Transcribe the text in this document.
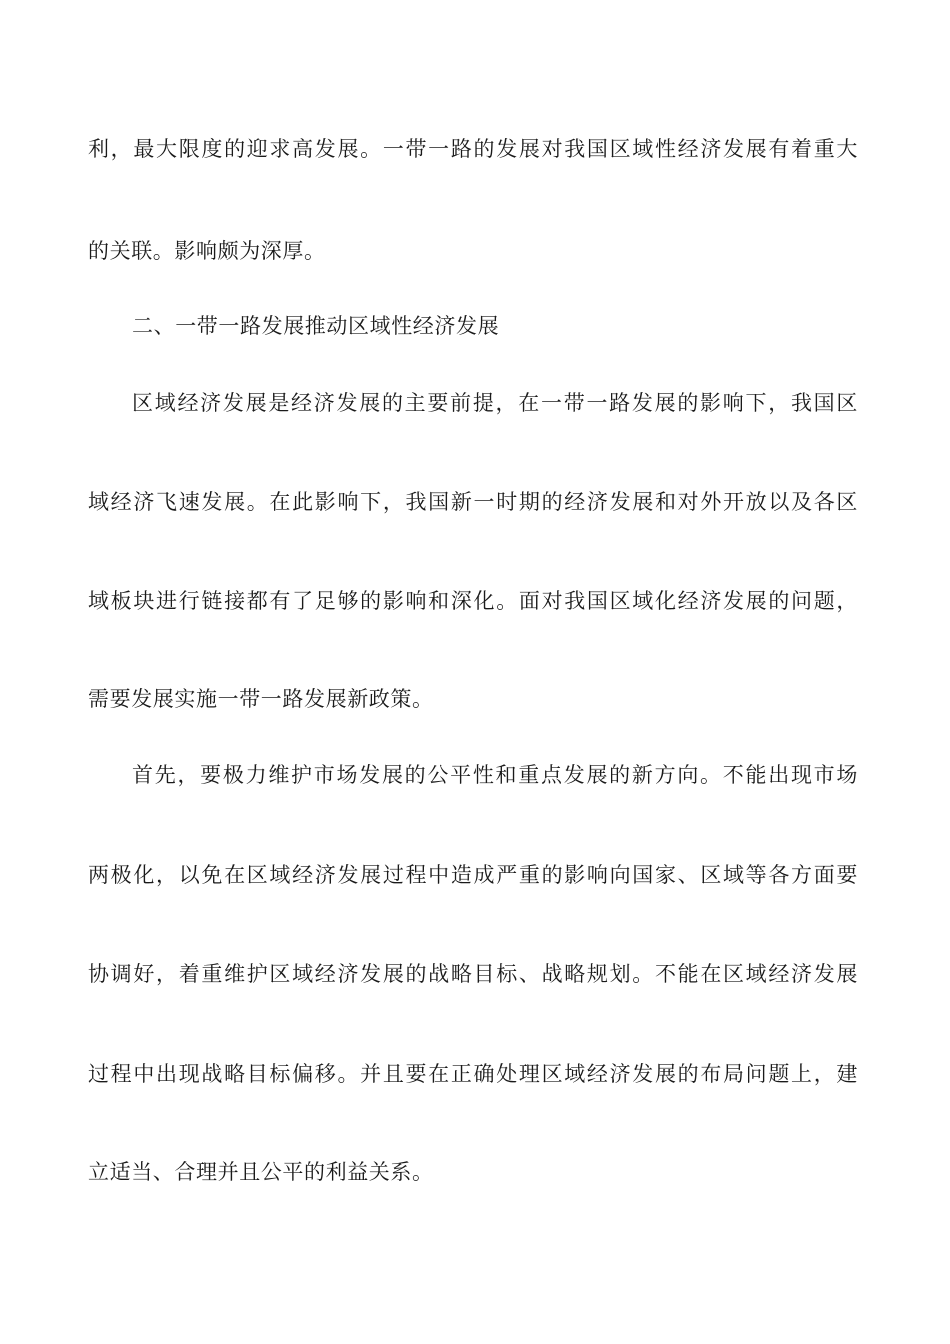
利，最大限度的迎求高发展。一带一路的发展对我国区域性经济发展有着重大
的关联。影响颇为深厚。
二、一带一路发展推动区域性经济发展
区域经济发展是经济发展的主要前提，在一带一路发展的影响下，我国区
域经济飞速发展。在此影响下，我国新一时期的经济发展和对外开放以及各区
域板块进行链接都有了足够的影响和深化。面对我国区域化经济发展的问题，
需要发展实施一带一路发展新政策。
首先，要极力维护市场发展的公平性和重点发展的新方向。不能出现市场
两极化，以免在区域经济发展过程中造成严重的影响向国家、区域等各方面要
协调好，着重维护区域经济发展的战略目标、战略规划。不能在区域经济发展
过程中出现战略目标偏移。并且要在正确处理区域经济发展的布局问题上，建
立适当、合理并且公平的利益关系。
